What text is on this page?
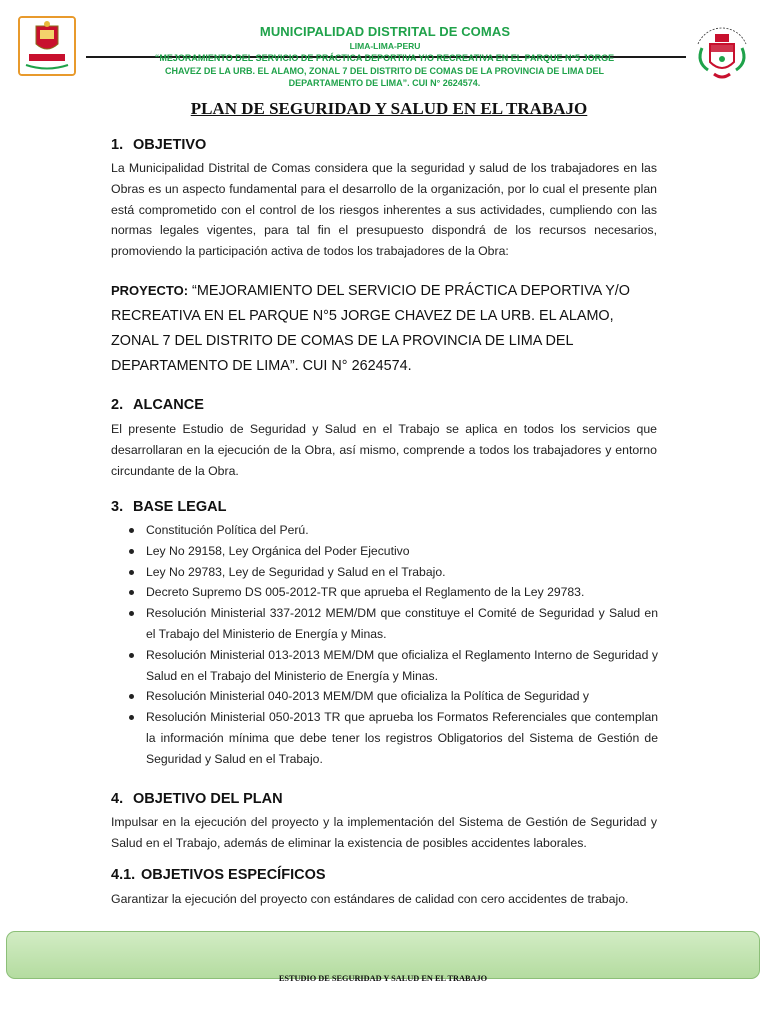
MUNICIPALIDAD DISTRITAL DE COMAS
LIMA-LIMA-PERU
“MEJORAMIENTO DEL SERVICIO DE PRÁCTICA DEPORTIVA Y/O RECREATIVA EN EL PARQUE N°5 JORGE
CHAVEZ DE LA URB. EL ALAMO, ZONAL 7 DEL DISTRITO DE COMAS DE LA PROVINCIA DE LIMA DEL
DEPARTAMENTO DE LIMA”. CUI N° 2624574.
PLAN DE SEGURIDAD Y SALUD EN EL TRABAJO
1. OBJETIVO
La Municipalidad Distrital de Comas considera que la seguridad y salud de los trabajadores en las Obras es un aspecto fundamental para el desarrollo de la organización, por lo cual el presente plan está comprometido con el control de los riesgos inherentes a sus actividades, cumpliendo con las normas legales vigentes, para tal fin el presupuesto dispondrá de los recursos necesarios, promoviendo la participación activa de todos los trabajadores de la Obra:
PROYECTO: “MEJORAMIENTO DEL SERVICIO DE PRÁCTICA DEPORTIVA Y/O RECREATIVA EN EL PARQUE N°5 JORGE CHAVEZ DE LA URB. EL ALAMO, ZONAL 7 DEL DISTRITO DE COMAS DE LA PROVINCIA DE LIMA DEL DEPARTAMENTO DE LIMA”. CUI N° 2624574.
2. ALCANCE
El presente Estudio de Seguridad y Salud en el Trabajo se aplica en todos los servicios que desarrollaran en la ejecución de la Obra, así mismo, comprende a todos los trabajadores y entorno circundante de la Obra.
3. BASE LEGAL
Constitución Política del Perú.
Ley No 29158, Ley Orgánica del Poder Ejecutivo
Ley No 29783, Ley de Seguridad y Salud en el Trabajo.
Decreto Supremo DS 005-2012-TR que aprueba el Reglamento de la Ley 29783.
Resolución Ministerial 337-2012 MEM/DM que constituye el Comité de Seguridad y Salud en el Trabajo del Ministerio de Energía y Minas.
Resolución Ministerial 013-2013 MEM/DM que oficializa el Reglamento Interno de Seguridad y Salud en el Trabajo del Ministerio de Energía y Minas.
Resolución Ministerial 040-2013 MEM/DM que oficializa la Política de Seguridad y
Resolución Ministerial 050-2013 TR que aprueba los Formatos Referenciales que contemplan la información mínima que debe tener los registros Obligatorios del Sistema de Gestión de Seguridad y Salud en el Trabajo.
4. OBJETIVO DEL PLAN
Impulsar en la ejecución del proyecto y la implementación del Sistema de Gestión de Seguridad y Salud en el Trabajo, además de eliminar la existencia de posibles accidentes laborales.
4.1. OBJETIVOS ESPECÍFICOS
Garantizar la ejecución del proyecto con estándares de calidad con cero accidentes de trabajo.
ESTUDIO DE SEGURIDAD Y SALUD EN EL TRABAJO
